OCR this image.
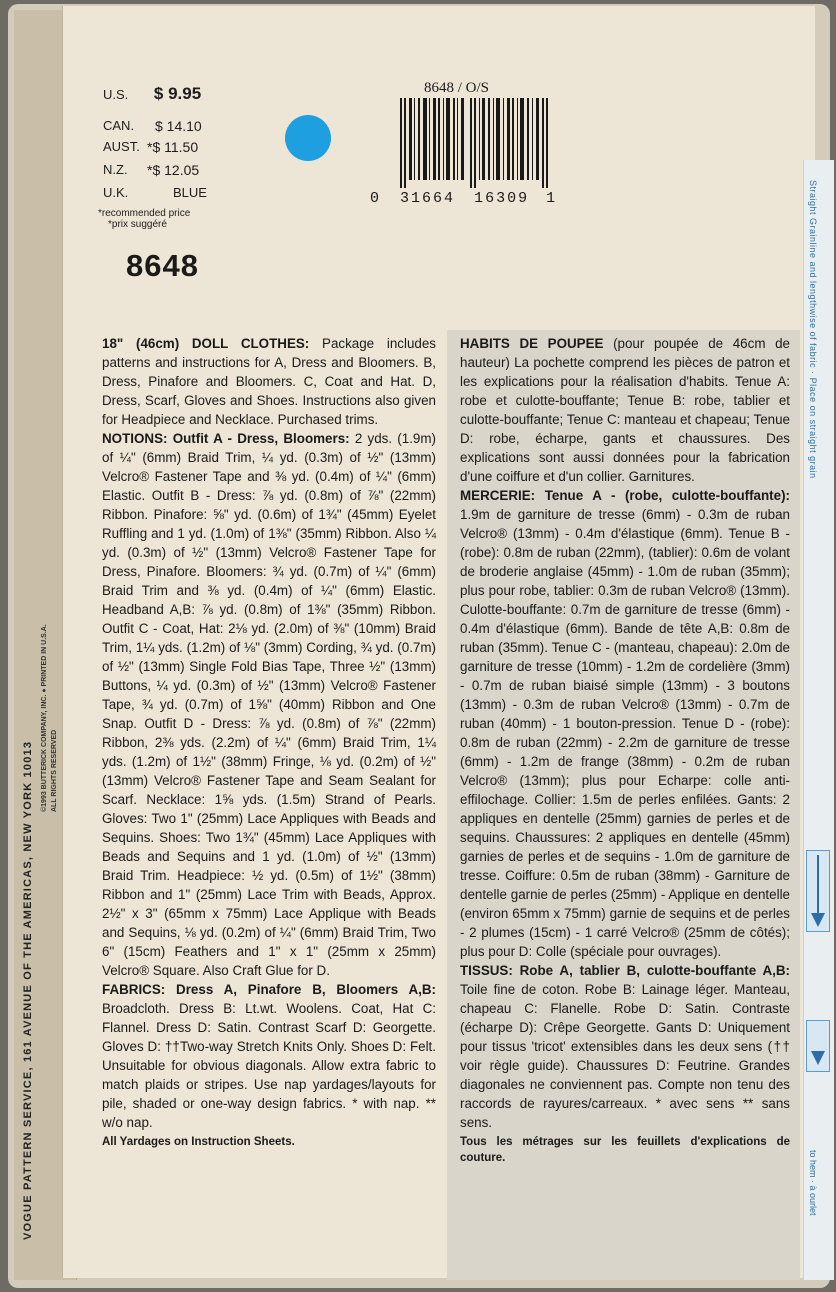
VOGUE PATTERN SERVICE, 161 AVENUE OF THE AMERICAS, NEW YORK 10013
©1993 BUTTERICK COMPANY, INC. ● PRINTED IN U.S.A. ALL RIGHTS RESERVED
Straight Grainline and lengthwise of fabric · Place on straight grain
to hem · à ourlet
U.S. $ 9.95
CAN. $ 14.10
AUST. *$ 11.50
N.Z. *$ 12.05
U.K.	BLUE
*recommended price
*prix suggéré
8648 / O/S
0 31664 16309 1
8648
18" (46cm) DOLL CLOTHES: Package includes patterns and instructions for A, Dress and Bloomers. B, Dress, Pinafore and Bloomers. C, Coat and Hat. D, Dress, Scarf, Gloves and Shoes. Instructions also given for Headpiece and Necklace. Purchased trims.
NOTIONS: Outfit A - Dress, Bloomers: 2 yds. (1.9m) of ¼" (6mm) Braid Trim, ¼ yd. (0.3m) of ½" (13mm) Velcro® Fastener Tape and ⅜ yd. (0.4m) of ¼" (6mm) Elastic. Outfit B - Dress: ⅞ yd. (0.8m) of ⅞" (22mm) Ribbon. Pinafore: ⅝" yd. (0.6m) of 1¾" (45mm) Eyelet Ruffling and 1 yd. (1.0m) of 1⅜" (35mm) Ribbon. Also ¼ yd. (0.3m) of ½" (13mm) Velcro® Fastener Tape for Dress, Pinafore. Bloomers: ¾ yd. (0.7m) of ¼" (6mm) Braid Trim and ⅜ yd. (0.4m) of ¼" (6mm) Elastic. Headband A,B: ⅞ yd. (0.8m) of 1⅜" (35mm) Ribbon. Outfit C - Coat, Hat: 2⅛ yd. (2.0m) of ⅜" (10mm) Braid Trim, 1¼ yds. (1.2m) of ⅛" (3mm) Cording, ¾ yd. (0.7m) of ½" (13mm) Single Fold Bias Tape, Three ½" (13mm) Buttons, ¼ yd. (0.3m) of ½" (13mm) Velcro® Fastener Tape, ¾ yd. (0.7m) of 1⅝" (40mm) Ribbon and One Snap. Outfit D - Dress: ⅞ yd. (0.8m) of ⅞" (22mm) Ribbon, 2⅜ yds. (2.2m) of ¼" (6mm) Braid Trim, 1¼ yds. (1.2m) of 1½" (38mm) Fringe, ⅛ yd. (0.2m) of ½" (13mm) Velcro® Fastener Tape and Seam Sealant for Scarf. Necklace: 1⅝ yds. (1.5m) Strand of Pearls. Gloves: Two 1" (25mm) Lace Appliques with Beads and Sequins. Shoes: Two 1¾" (45mm) Lace Appliques with Beads and Sequins and 1 yd. (1.0m) of ½" (13mm) Braid Trim. Headpiece: ½ yd. (0.5m) of 1½" (38mm) Ribbon and 1" (25mm) Lace Trim with Beads, Approx. 2½" x 3" (65mm x 75mm) Lace Applique with Beads and Sequins, ⅛ yd. (0.2m) of ¼" (6mm) Braid Trim, Two 6" (15cm) Feathers and 1" x 1" (25mm x 25mm) Velcro® Square. Also Craft Glue for D.
FABRICS: Dress A, Pinafore B, Bloomers A,B: Broadcloth. Dress B: Lt.wt. Woolens. Coat, Hat C: Flannel. Dress D: Satin. Contrast Scarf D: Georgette. Gloves D: ††Two-way Stretch Knits Only. Shoes D: Felt. Unsuitable for obvious diagonals. Allow extra fabric to match plaids or stripes. Use nap yardages/layouts for pile, shaded or one-way design fabrics. * with nap. ** w/o nap.
All Yardages on Instruction Sheets.
HABITS DE POUPEE (pour poupée de 46cm de hauteur) La pochette comprend les pièces de patron et les explications pour la réalisation d'habits. Tenue A: robe et culotte-bouffante; Tenue B: robe, tablier et culotte-bouffante; Tenue C: manteau et chapeau; Tenue D: robe, écharpe, gants et chaussures. Des explications sont aussi données pour la fabrication d'une coiffure et d'un collier. Garnitures.
MERCERIE: Tenue A - (robe, culotte-bouffante): 1.9m de garniture de tresse (6mm) - 0.3m de ruban Velcro® (13mm) - 0.4m d'élastique (6mm). Tenue B - (robe): 0.8m de ruban (22mm), (tablier): 0.6m de volant de broderie anglaise (45mm) - 1.0m de ruban (35mm); plus pour robe, tablier: 0.3m de ruban Velcro® (13mm). Culotte-bouffante: 0.7m de garniture de tresse (6mm) - 0.4m d'élastique (6mm). Bande de tête A,B: 0.8m de ruban (35mm). Tenue C - (manteau, chapeau): 2.0m de garniture de tresse (10mm) - 1.2m de cordelière (3mm) - 0.7m de ruban biaisé simple (13mm) - 3 boutons (13mm) - 0.3m de ruban Velcro® (13mm) - 0.7m de ruban (40mm) - 1 bouton-pression. Tenue D - (robe): 0.8m de ruban (22mm) - 2.2m de garniture de tresse (6mm) - 1.2m de frange (38mm) - 0.2m de ruban Velcro® (13mm); plus pour Echarpe: colle anti-effilochage. Collier: 1.5m de perles enfilées. Gants: 2 appliques en dentelle (25mm) garnies de perles et de sequins. Chaussures: 2 appliques en dentelle (45mm) garnies de perles et de sequins - 1.0m de garniture de tresse. Coiffure: 0.5m de ruban (38mm) - Garniture de dentelle garnie de perles (25mm) - Applique en dentelle (environ 65mm x 75mm) garnie de sequins et de perles - 2 plumes (15cm) - 1 carré Velcro® (25mm de côtés); plus pour D: Colle (spéciale pour ouvrages).
TISSUS: Robe A, tablier B, culotte-bouffante A,B: Toile fine de coton. Robe B: Lainage léger. Manteau, chapeau C: Flanelle. Robe D: Satin. Contraste (écharpe D): Crêpe Georgette. Gants D: Uniquement pour tissus 'tricot' extensibles dans les deux sens (†† voir règle guide). Chaussures D: Feutrine. Grandes diagonales ne conviennent pas. Compte non tenu des raccords de rayures/carreaux. * avec sens ** sans sens.
Tous les métrages sur les feuillets d'explications de couture.
